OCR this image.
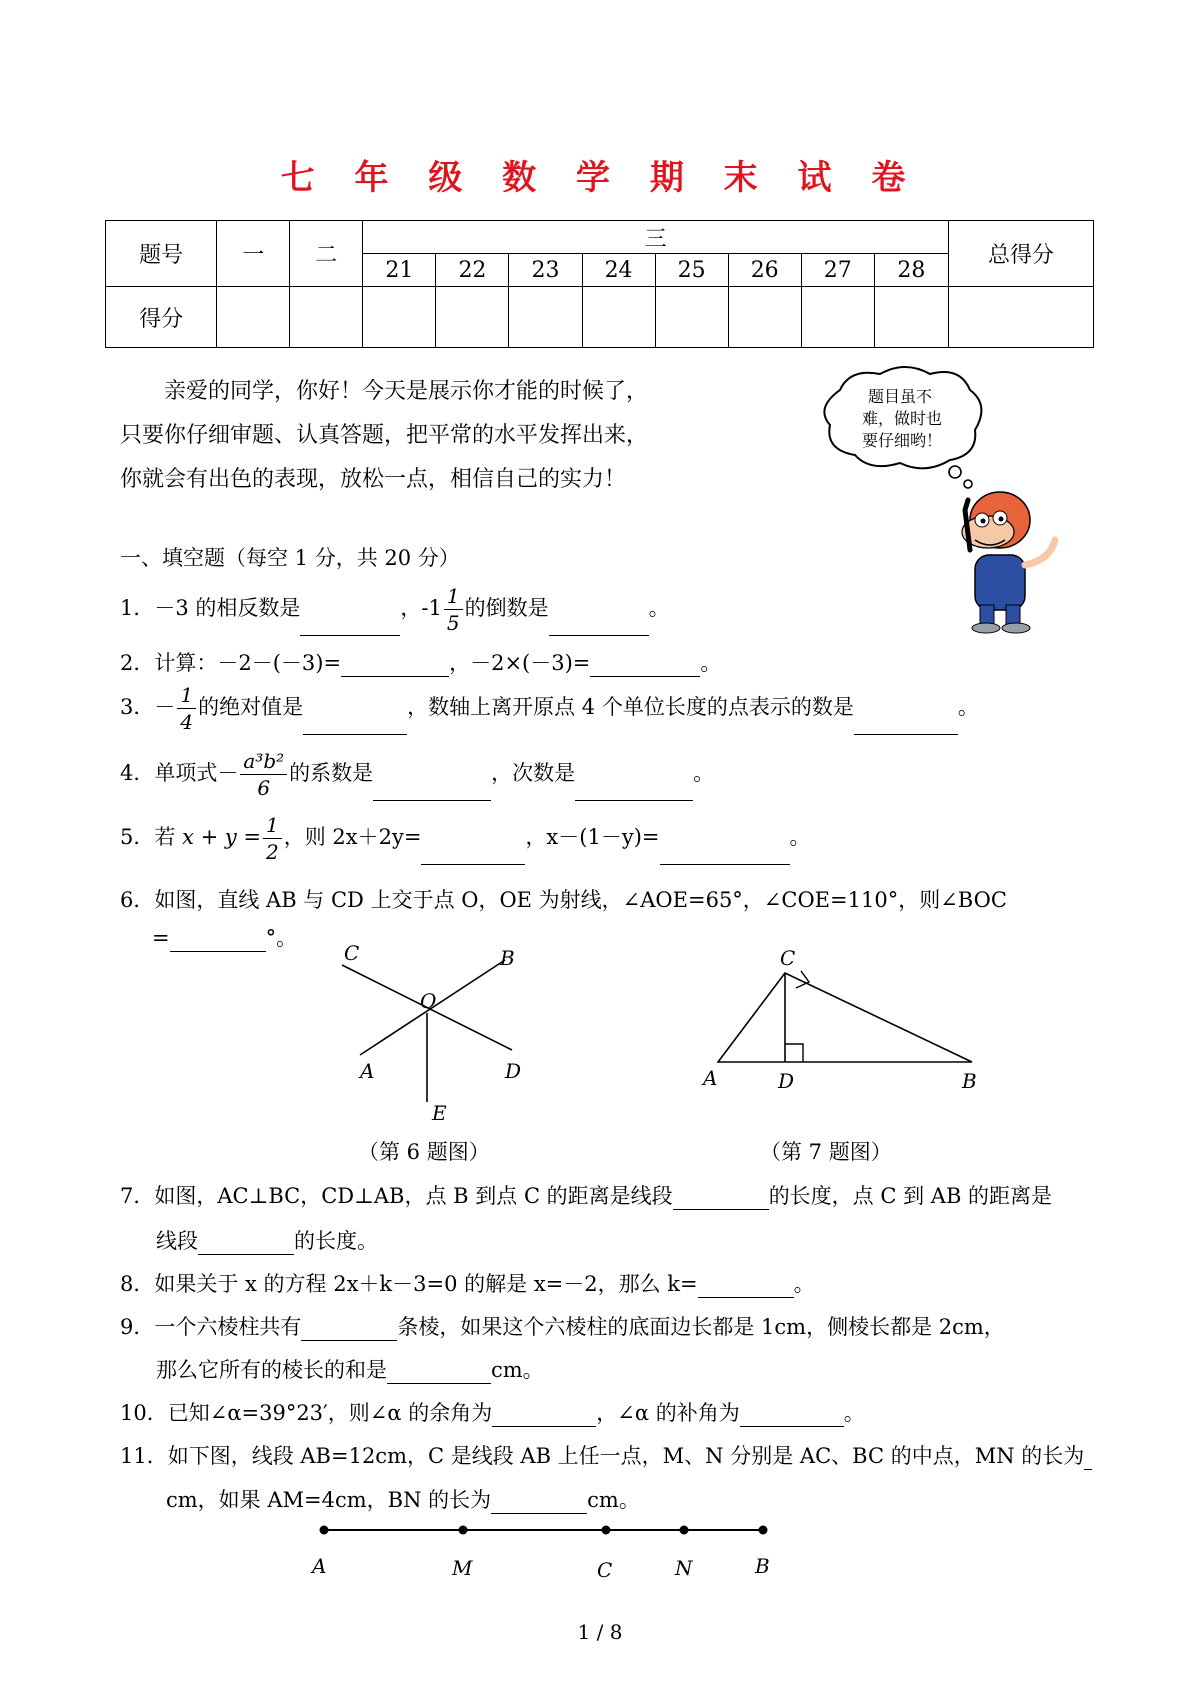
七 年 级 数 学 期 末 试 卷
题号	一	二	三								总得分
			21	22	23	24	25	26	27	28	
得分											

亲爱的同学，你好！今天是展示你才能的时候了，

只要你仔细审题、认真答题，把平常的水平发挥出来，

你就会有出色的表现，放松一点，相信自己的实力！

题目虽不
难，做时也
要仔细哟！
一、填空题（每空 1 分，共 20 分）
1．－3 的相反数是	，$-1 \frac{1}{5}$ 的倒数是	。
2．计算：－2－(－3)=	，－2×(－3)=	。
3．－ $\frac{1}{4}$ 的绝对值是	，数轴上离开原点 4 个单位长度的点表示的数是	。
4．单项式－ $\frac{\text{a³b²}}{6}$ 的系数是	，次数是	。
5．若 $x + y = \frac{1}{2}$ ，则 2x＋2y=	，x－(1－y)=	。
6．如图，直线 AB 与 CD 上交于点 O，OE 为射线，∠AOE=65°，∠COE=110°，则∠BOC
=	°。
C	B
O
A	D
E
C
A	D	B
（第 6 题图）	（第 7 题图）
7．如图，AC⊥BC，CD⊥AB，点 B 到点 C 的距离是线段	的长度，点 C 到 AB 的距离是
线段	的长度。
8．如果关于 x 的方程 2x＋k－3=0 的解是 x=－2，那么 k=	。
9．一个六棱柱共有	条棱，如果这个六棱柱的底面边长都是 1cm，侧棱长都是 2cm，
那么它所有的棱长的和是	cm。
10．已知∠α=39°23′，则∠α 的余角为	，∠α 的补角为	。
11．如下图，线段 AB=12cm，C 是线段 AB 上任一点，M、N 分别是 AC、BC 的中点，MN 的长为
cm，如果 AM=4cm，BN 的长为	cm。
A	M	C	N	B
1 / 8
